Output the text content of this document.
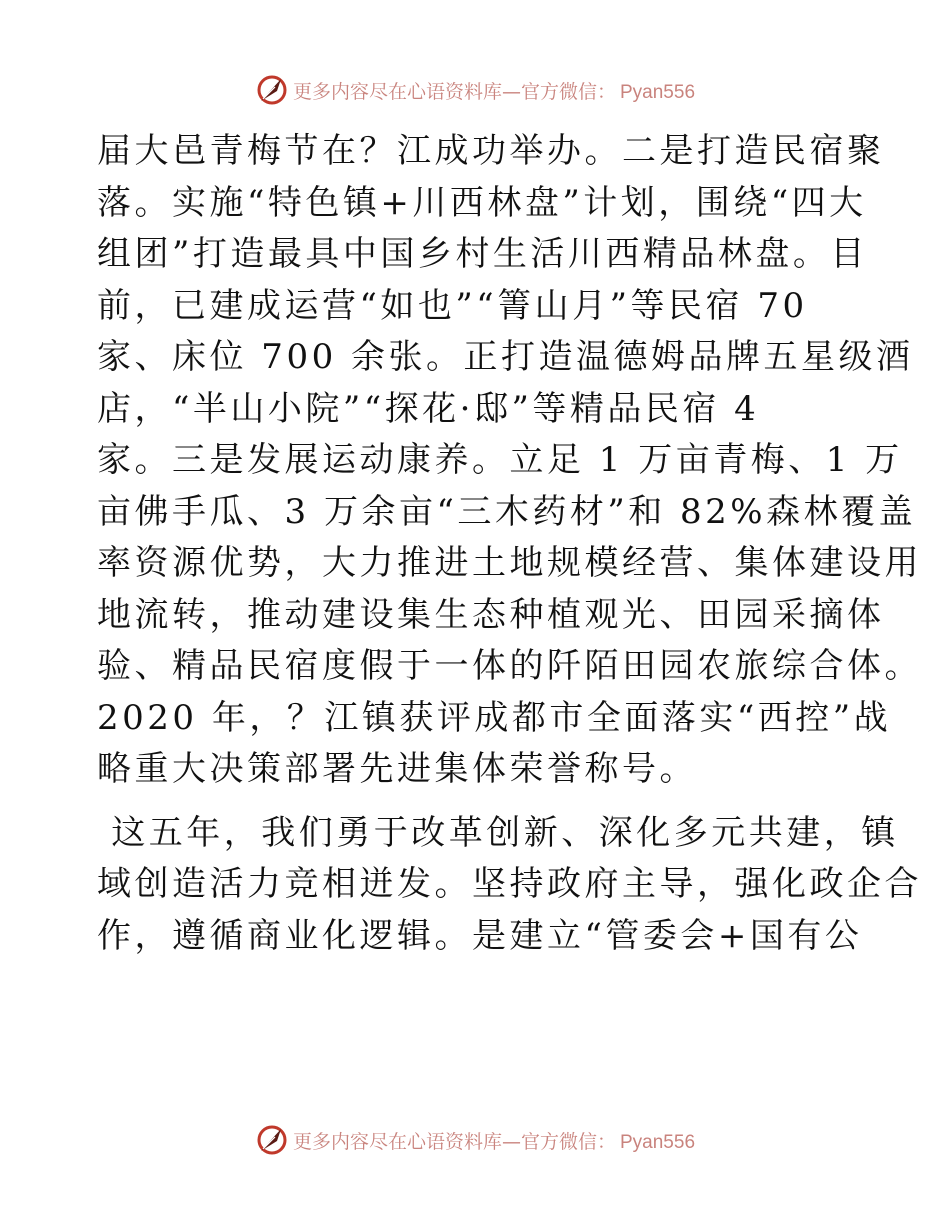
更多内容尽在心语资料库—官方微信： Pyan556

届大邑青梅节在？江成功举办。二是打造民宿聚
落。实施“特色镇+川西林盘”计划，围绕“四大
组团”打造最具中国乡村生活川西精品林盘。目
前，已建成运营“如也”“箐山月”等民宿 70
家、床位 700 余张。正打造温德姆品牌五星级酒
店，“半山小院”“探花·邸”等精品民宿 4
家。三是发展运动康养。立足 1 万亩青梅、1 万
亩佛手瓜、3 万余亩“三木药材”和 82%森林覆盖
率资源优势，大力推进土地规模经营、集体建设用
地流转，推动建设集生态种植观光、田园采摘体
验、精品民宿度假于一体的阡陌田园农旅综合体。
2020 年，？江镇获评成都市全面落实“西控”战
略重大决策部署先进集体荣誉称号。

这五年，我们勇于改革创新、深化多元共建，镇
域创造活力竞相迸发。坚持政府主导，强化政企合
作，遵循商业化逻辑。是建立“管委会+国有公

更多内容尽在心语资料库—官方微信： Pyan556
